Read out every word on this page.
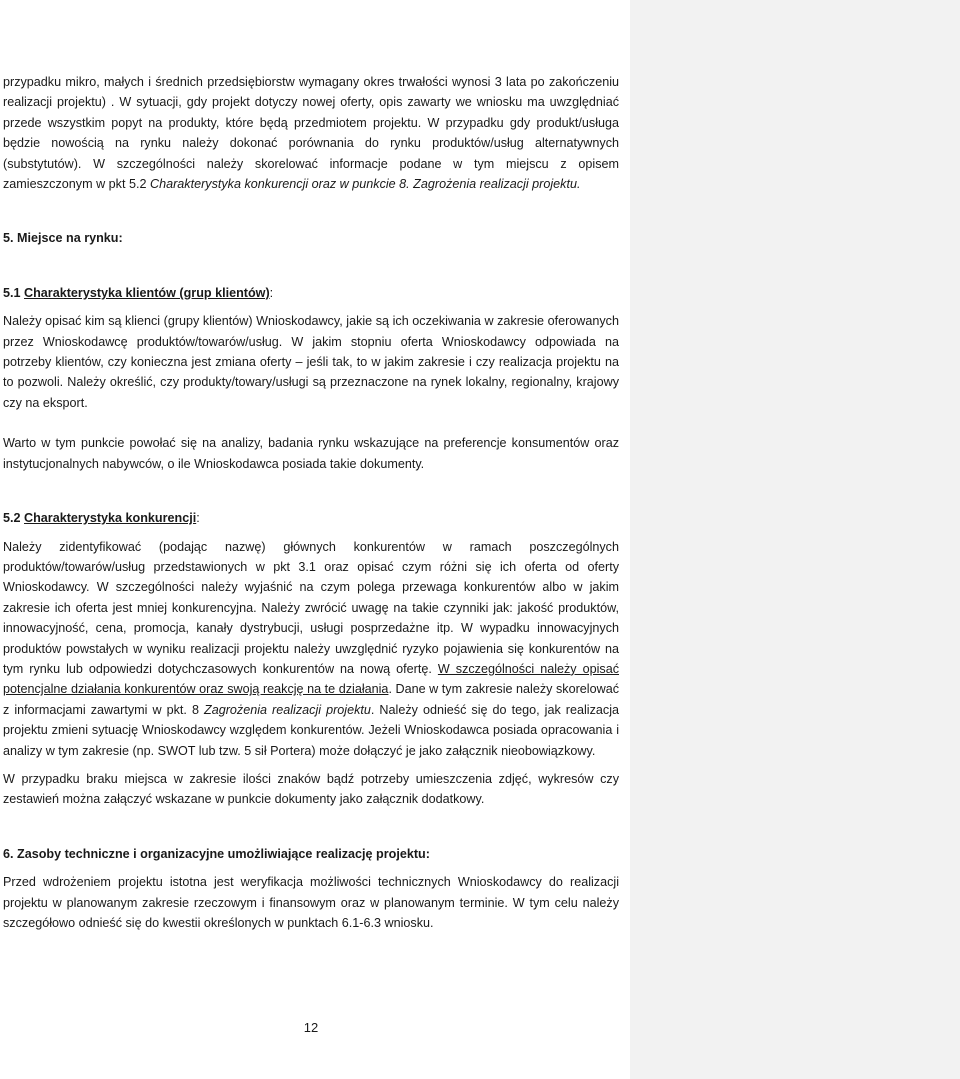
przypadku mikro, małych i średnich przedsiębiorstw wymagany okres trwałości wynosi 3 lata po zakończeniu realizacji projektu) . W sytuacji, gdy projekt dotyczy nowej oferty, opis zawarty we wniosku ma uwzględniać przede wszystkim popyt na produkty, które będą przedmiotem projektu. W przypadku gdy produkt/usługa będzie nowością na rynku należy dokonać porównania do rynku produktów/usług alternatywnych (substytutów). W szczególności należy skorelować informacje podane w tym miejscu z opisem zamieszczonym w pkt 5.2 Charakterystyka konkurencji oraz w punkcie 8. Zagrożenia realizacji projektu.

5. Miejsce na rynku:

5.1 Charakterystyka klientów (grup klientów):

Należy opisać kim są klienci (grupy klientów) Wnioskodawcy, jakie są ich oczekiwania w zakresie oferowanych przez Wnioskodawcę produktów/towarów/usług. W jakim stopniu oferta Wnioskodawcy odpowiada na potrzeby klientów, czy konieczna jest zmiana oferty – jeśli tak, to w jakim zakresie i czy realizacja projektu na to pozwoli. Należy określić, czy produkty/towary/usługi są przeznaczone na rynek lokalny, regionalny, krajowy czy na eksport.

Warto w tym punkcie powołać się na analizy, badania rynku wskazujące na preferencje konsumentów oraz instytucjonalnych nabywców, o ile Wnioskodawca posiada takie dokumenty.

5.2 Charakterystyka konkurencji:

Należy zidentyfikować (podając nazwę) głównych konkurentów w ramach poszczególnych produktów/towarów/usług przedstawionych w pkt 3.1 oraz opisać czym różni się ich oferta od oferty Wnioskodawcy. W szczególności należy wyjaśnić na czym polega przewaga konkurentów albo w jakim zakresie ich oferta jest mniej konkurencyjna. Należy zwrócić uwagę na takie czynniki jak: jakość produktów, innowacyjność, cena, promocja, kanały dystrybucji, usługi posprzedażne itp. W wypadku innowacyjnych produktów powstałych w wyniku realizacji projektu należy uwzględnić ryzyko pojawienia się konkurentów na tym rynku lub odpowiedzi dotychczasowych konkurentów na nową ofertę. W szczególności należy opisać potencjalne działania konkurentów oraz swoją reakcję na te działania. Dane w tym zakresie należy skorelować z informacjami zawartymi w pkt. 8 Zagrożenia realizacji projektu. Należy odnieść się do tego, jak realizacja projektu zmieni sytuację Wnioskodawcy względem konkurentów. Jeżeli Wnioskodawca posiada opracowania i analizy w tym zakresie (np. SWOT lub tzw. 5 sił Portera) może dołączyć je jako załącznik nieobowiązkowy.

W przypadku braku miejsca w zakresie ilości znaków bądź potrzeby umieszczenia zdjęć, wykresów czy zestawień można załączyć wskazane w punkcie dokumenty jako załącznik dodatkowy.

6. Zasoby techniczne i organizacyjne umożliwiające realizację projektu:

Przed wdrożeniem projektu istotna jest weryfikacja możliwości technicznych Wnioskodawcy do realizacji projektu w planowanym zakresie rzeczowym i finansowym oraz w planowanym terminie. W tym celu należy szczegółowo odnieść się do kwestii określonych w punktach 6.1-6.3 wniosku.

12
